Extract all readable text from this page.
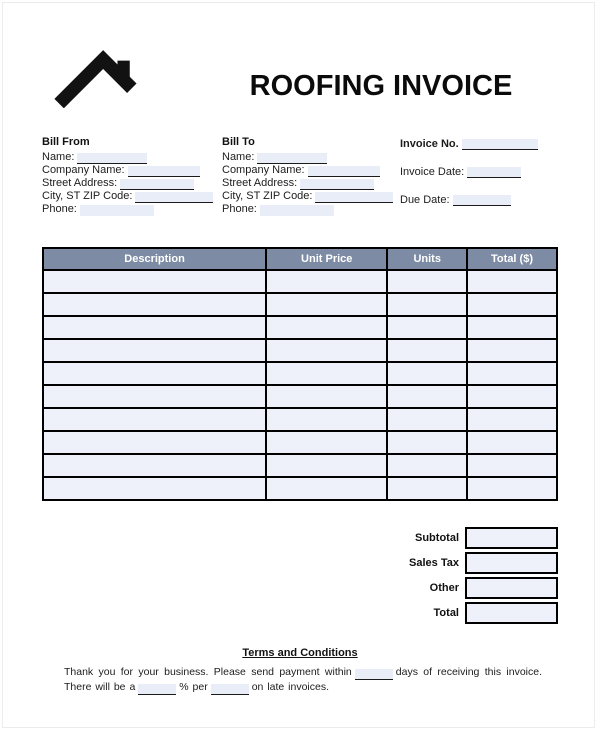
ROOFING INVOICE
Bill From
Name:
Company Name:
Street Address:
City, ST ZIP Code:
Phone:
Bill To
Name:
Company Name:
Street Address:
City, ST ZIP Code:
Phone:
Invoice No.
Invoice Date:
Due Date:
Description	Unit Price	Units	Total ($)

Subtotal
Sales Tax
Other
Total
Terms and Conditions

Thank you for your business. Please send payment within	days of receiving this invoice. There will be a	% per	on late invoices.
